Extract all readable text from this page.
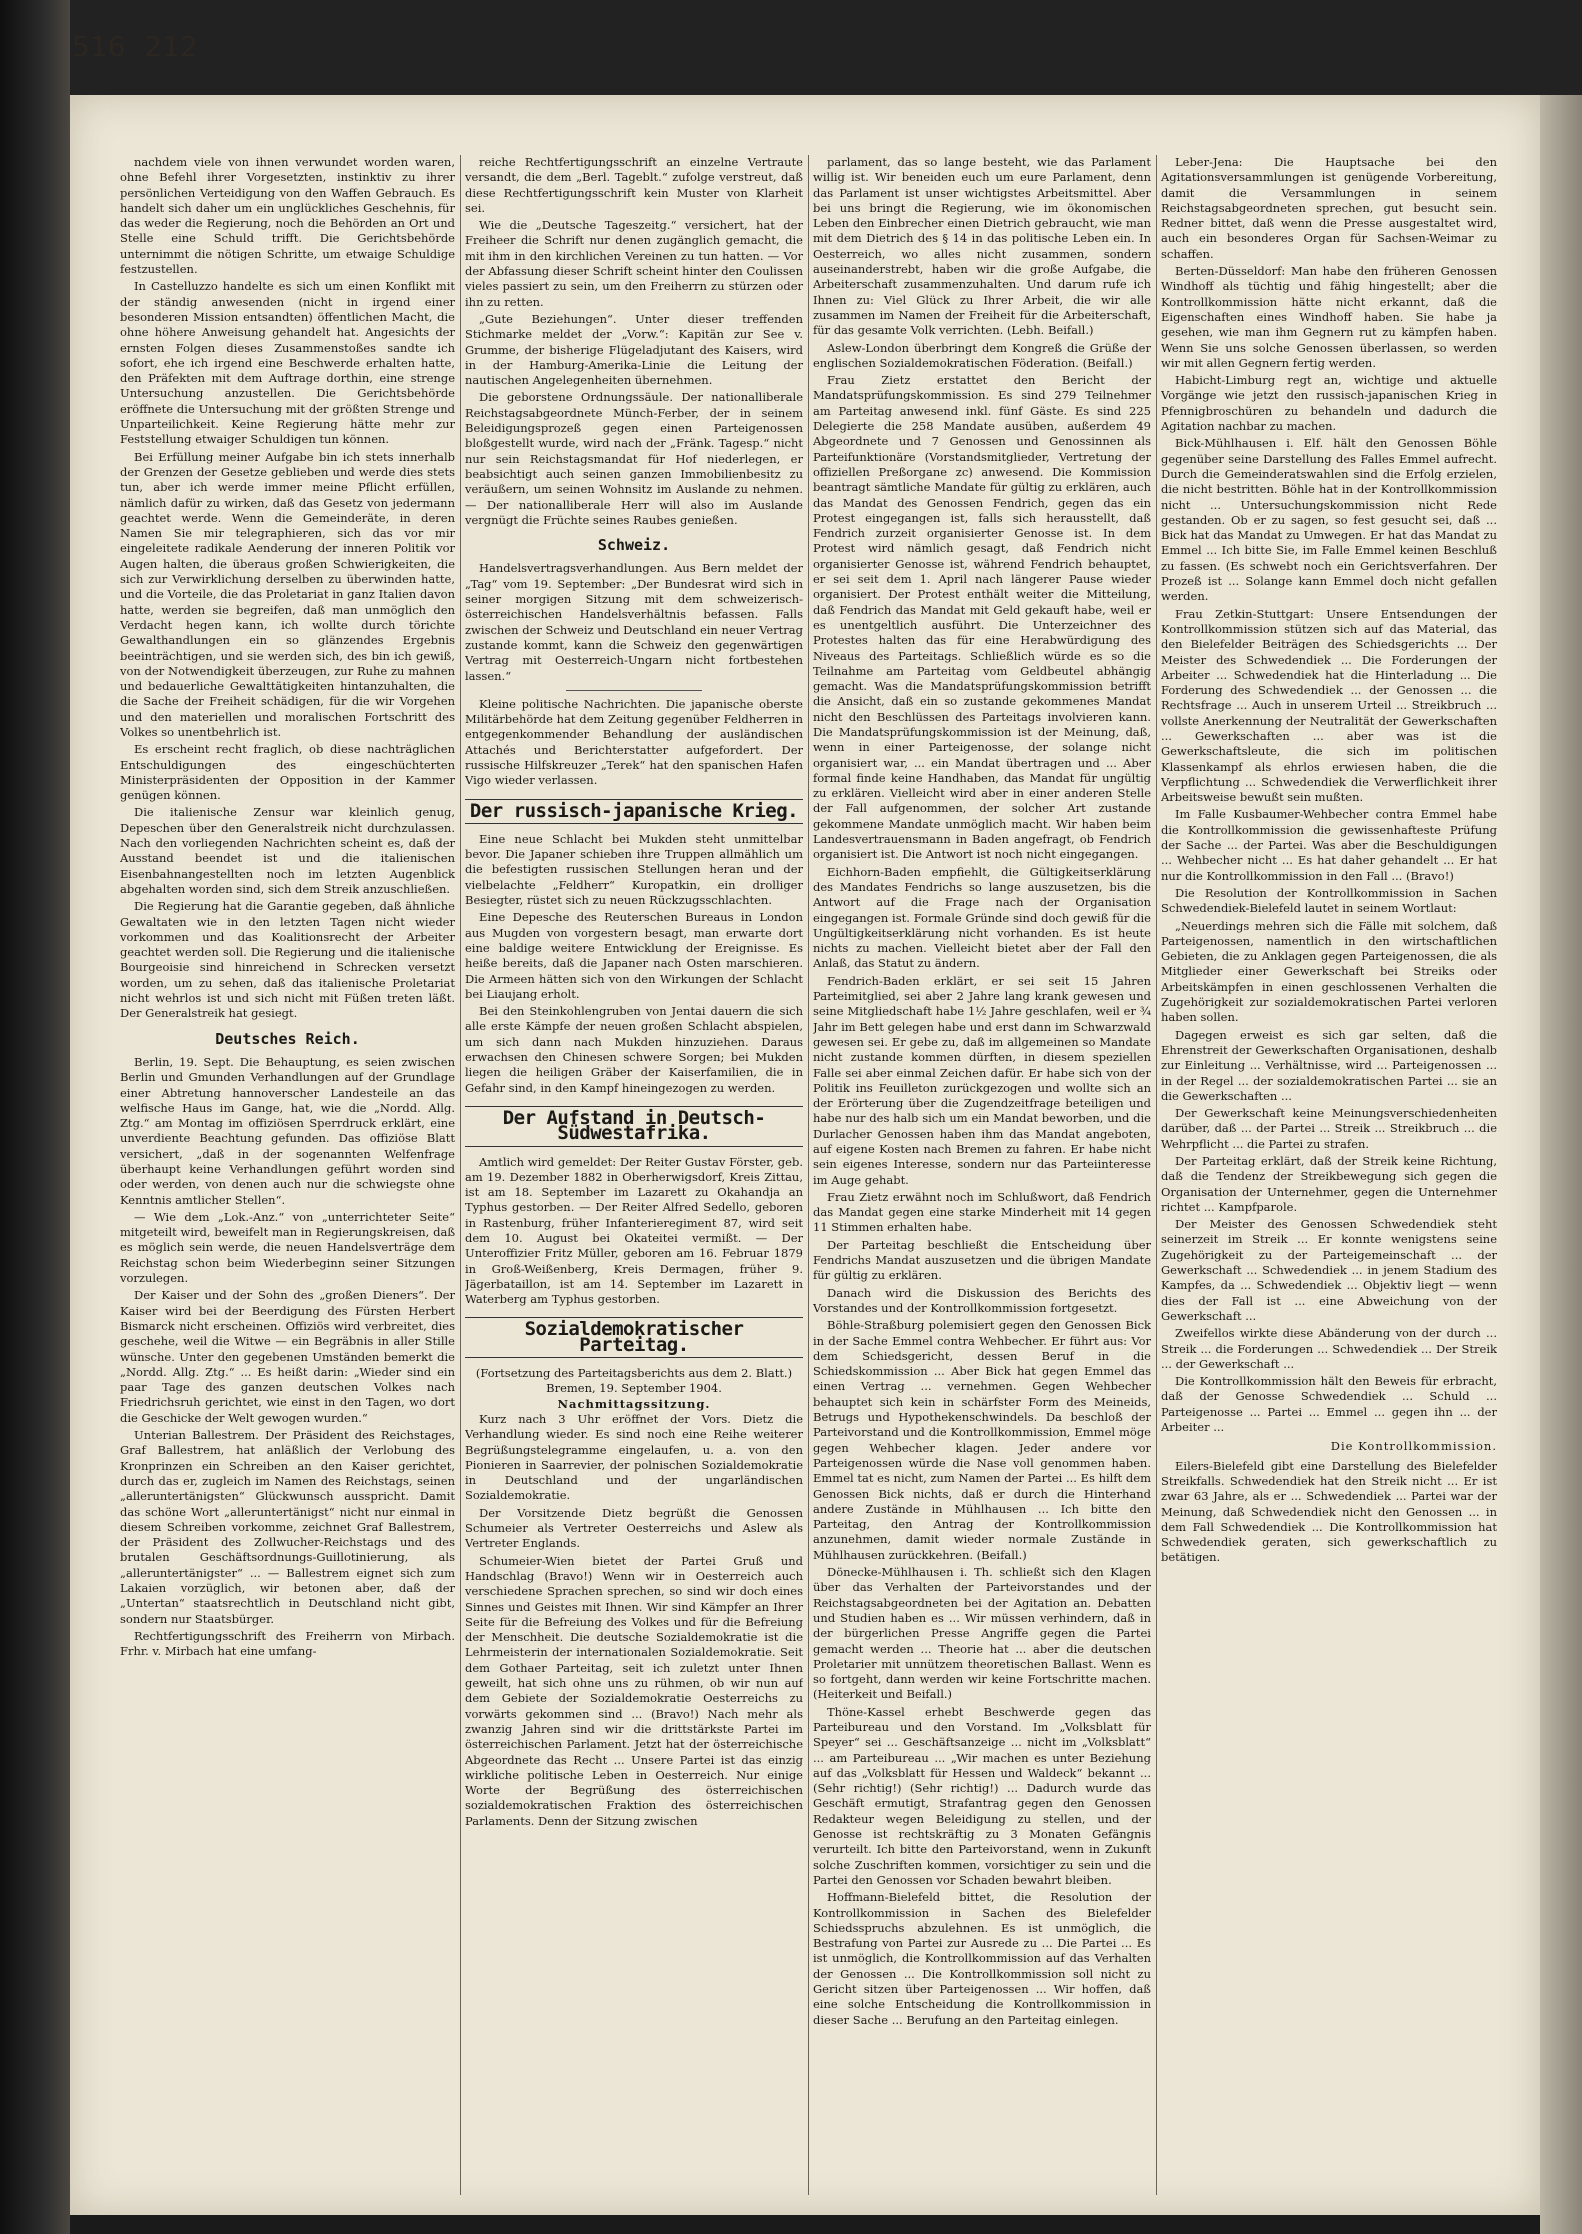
516 212

nachdem viele von ihnen verwundet worden waren, ohne Befehl ihrer Vorgesetzten, instinktiv zu ihrer persönlichen Verteidigung von den Waffen Gebrauch. Es handelt sich daher um ein unglückliches Geschehnis, für das weder die Regierung, noch die Behörden an Ort und Stelle eine Schuld trifft. Die Gerichtsbehörde unternimmt die nötigen Schritte, um etwaige Schuldige festzustellen.

In Castelluzzo handelte es sich um einen Konflikt mit der ständig anwesenden (nicht in irgend einer besonderen Mission entsandten) öffentlichen Macht, die ohne höhere Anweisung gehandelt hat. Angesichts der ernsten Folgen dieses Zusammenstoßes sandte ich sofort, ehe ich irgend eine Beschwerde erhalten hatte, den Präfekten mit dem Auftrage dorthin, eine strenge Untersuchung anzustellen. Die Gerichtsbehörde eröffnete die Untersuchung mit der größten Strenge und Unparteilichkeit. Keine Regierung hätte mehr zur Feststellung etwaiger Schuldigen tun können.

Bei Erfüllung meiner Aufgabe bin ich stets innerhalb der Grenzen der Gesetze geblieben und werde dies stets tun, aber ich werde immer meine Pflicht erfüllen, nämlich dafür zu wirken, daß das Gesetz von jedermann geachtet werde. Wenn die Gemeinderäte, in deren Namen Sie mir telegraphieren, sich das vor mir eingeleitete radikale Aenderung der inneren Politik vor Augen halten, die überaus großen Schwierigkeiten, die sich zur Verwirklichung derselben zu überwinden hatte, und die Vorteile, die das Proletariat in ganz Italien davon hatte, werden sie begreifen, daß man unmöglich den Verdacht hegen kann, ich wollte durch törichte Gewalthandlungen ein so glänzendes Ergebnis beeinträchtigen, und sie werden sich, des bin ich gewiß, von der Notwendigkeit überzeugen, zur Ruhe zu mahnen und bedauerliche Gewalttätigkeiten hintanzuhalten, die die Sache der Freiheit schädigen, für die wir Vorgehen und den materiellen und moralischen Fortschritt des Volkes so unentbehrlich ist.

Es erscheint recht fraglich, ob diese nachträglichen Entschuldigungen des eingeschüchterten Ministerpräsidenten der Opposition in der Kammer genügen können.

Die italienische Zensur war kleinlich genug, Depeschen über den Generalstreik nicht durchzulassen. Nach den vorliegenden Nachrichten scheint es, daß der Ausstand beendet ist und die italienischen Eisenbahnangestellten noch im letzten Augenblick abgehalten worden sind, sich dem Streik anzuschließen.

Die Regierung hat die Garantie gegeben, daß ähnliche Gewaltaten wie in den letzten Tagen nicht wieder vorkommen und das Koalitionsrecht der Arbeiter geachtet werden soll. Die Regierung und die italienische Bourgeoisie sind hinreichend in Schrecken versetzt worden, um zu sehen, daß das italienische Proletariat nicht wehrlos ist und sich nicht mit Füßen treten läßt. Der Generalstreik hat gesiegt.

Deutsches Reich.

Berlin, 19. Sept. Die Behauptung, es seien zwischen Berlin und Gmunden Verhandlungen auf der Grundlage einer Abtretung hannoverscher Landesteile an das welfische Haus im Gange, hat, wie die „Nordd. Allg. Ztg.“ am Montag im offiziösen Sperrdruck erklärt, eine unverdiente Beachtung gefunden. Das offiziöse Blatt versichert, „daß in der sogenannten Welfenfrage überhaupt keine Verhandlungen geführt worden sind oder werden, von denen auch nur die schwiegste ohne Kenntnis amtlicher Stellen“.

— Wie dem „Lok.-Anz.“ von „unterrichteter Seite“ mitgeteilt wird, beweifelt man in Regierungskreisen, daß es möglich sein werde, die neuen Handelsverträge dem Reichstag schon beim Wiederbeginn seiner Sitzungen vorzulegen.

Der Kaiser und der Sohn des „großen Dieners“. Der Kaiser wird bei der Beerdigung des Fürsten Herbert Bismarck nicht erscheinen. Offiziös wird verbreitet, dies geschehe, weil die Witwe — ein Begräbnis in aller Stille wünsche. Unter den gegebenen Umständen bemerkt die „Nordd. Allg. Ztg.“ ... Es heißt darin: „Wieder sind ein paar Tage des ganzen deutschen Volkes nach Friedrichsruh gerichtet, wie einst in den Tagen, wo dort die Geschicke der Welt gewogen wurden.“

Unterian Ballestrem. Der Präsident des Reichstages, Graf Ballestrem, hat anläßlich der Verlobung des Kronprinzen ein Schreiben an den Kaiser gerichtet, durch das er, zugleich im Namen des Reichstags, seinen „alleruntertänigsten“ Glückwunsch ausspricht. Damit das schöne Wort „alleruntertänigst“ nicht nur einmal in diesem Schreiben vorkomme, zeichnet Graf Ballestrem, der Präsident des Zollwucher-Reichstags und des brutalen Geschäftsordnungs-Guillotinierung, als „alleruntertänigster“ ... — Ballestrem eignet sich zum Lakaien vorzüglich, wir betonen aber, daß der „Untertan“ staatsrechtlich in Deutschland nicht gibt, sondern nur Staatsbürger.

Rechtfertigungsschrift des Freiherrn von Mirbach. Frhr. v. Mirbach hat eine umfang-

reiche Rechtfertigungsschrift an einzelne Vertraute versandt, die dem „Berl. Tageblt.“ zufolge verstreut, daß diese Rechtfertigungsschrift kein Muster von Klarheit sei.

Wie die „Deutsche Tageszeitg.“ versichert, hat der Freiheer die Schrift nur denen zugänglich gemacht, die mit ihm in den kirchlichen Vereinen zu tun hatten. — Vor der Abfassung dieser Schrift scheint hinter den Coulissen vieles passiert zu sein, um den Freiherrn zu stürzen oder ihn zu retten.

„Gute Beziehungen“. Unter dieser treffenden Stichmarke meldet der „Vorw.“: Kapitän zur See v. Grumme, der bisherige Flügeladjutant des Kaisers, wird in der Hamburg-Amerika-Linie die Leitung der nautischen Angelegenheiten übernehmen.

Die geborstene Ordnungssäule. Der nationalliberale Reichstagsabgeordnete Münch-Ferber, der in seinem Beleidigungsprozeß gegen einen Parteigenossen bloßgestellt wurde, wird nach der „Fränk. Tagesp.“ nicht nur sein Reichstagsmandat für Hof niederlegen, er beabsichtigt auch seinen ganzen Immobilienbesitz zu veräußern, um seinen Wohnsitz im Auslande zu nehmen. — Der nationalliberale Herr will also im Auslande vergnügt die Früchte seines Raubes genießen.

Schweiz.

Handelsvertragsverhandlungen. Aus Bern meldet der „Tag“ vom 19. September: „Der Bundesrat wird sich in seiner morgigen Sitzung mit dem schweizerisch-österreichischen Handelsverhältnis befassen. Falls zwischen der Schweiz und Deutschland ein neuer Vertrag zustande kommt, kann die Schweiz den gegenwärtigen Vertrag mit Oesterreich-Ungarn nicht fortbestehen lassen.“

Kleine politische Nachrichten. Die japanische oberste Militärbehörde hat dem Zeitung gegenüber Feldherren in entgegenkommender Behandlung der ausländischen Attachés und Berichterstatter aufgefordert. Der russische Hilfskreuzer „Terek“ hat den spanischen Hafen Vigo wieder verlassen.

Der russisch-japanische Krieg.

Eine neue Schlacht bei Mukden steht unmittelbar bevor. Die Japaner schieben ihre Truppen allmählich um die befestigten russischen Stellungen heran und der vielbelachte „Feldherr“ Kuropatkin, ein drolliger Besiegter, rüstet sich zu neuen Rückzugsschlachten.

Eine Depesche des Reuterschen Bureaus in London aus Mugden von vorgestern besagt, man erwarte dort eine baldige weitere Entwicklung der Ereignisse. Es heiße bereits, daß die Japaner nach Osten marschieren. Die Armeen hätten sich von den Wirkungen der Schlacht bei Liaujang erholt.

Bei den Steinkohlengruben von Jentai dauern die sich alle erste Kämpfe der neuen großen Schlacht abspielen, um sich dann nach Mukden hinzuziehen. Daraus erwachsen den Chinesen schwere Sorgen; bei Mukden liegen die heiligen Gräber der Kaiserfamilien, die in Gefahr sind, in den Kampf hineingezogen zu werden.

Der Aufstand in Deutsch-Südwestafrika.

Amtlich wird gemeldet: Der Reiter Gustav Förster, geb. am 19. Dezember 1882 in Oberherwigsdorf, Kreis Zittau, ist am 18. September im Lazarett zu Okahandja an Typhus gestorben. — Der Reiter Alfred Sedello, geboren in Rastenburg, früher Infanterieregiment 87, wird seit dem 10. August bei Okateitei vermißt. — Der Unteroffizier Fritz Müller, geboren am 16. Februar 1879 in Groß-Weißenberg, Kreis Dermagen, früher 9. Jägerbataillon, ist am 14. September im Lazarett in Waterberg am Typhus gestorben.

Sozialdemokratischer Parteitag.
(Fortsetzung des Parteitagsberichts aus dem 2. Blatt.)
Bremen, 19. September 1904.
Nachmittagssitzung.

Kurz nach 3 Uhr eröffnet der Vors. Dietz die Verhandlung wieder. Es sind noch eine Reihe weiterer Begrüßungstelegramme eingelaufen, u. a. von den Pionieren in Saarrevier, der polnischen Sozialdemokratie in Deutschland und der ungarländischen Sozialdemokratie.

Der Vorsitzende Dietz begrüßt die Genossen Schumeier als Vertreter Oesterreichs und Aslew als Vertreter Englands.

Schumeier-Wien bietet der Partei Gruß und Handschlag (Bravo!) Wenn wir in Oesterreich auch verschiedene Sprachen sprechen, so sind wir doch eines Sinnes und Geistes mit Ihnen. Wir sind Kämpfer an Ihrer Seite für die Befreiung des Volkes und für die Befreiung der Menschheit. Die deutsche Sozialdemokratie ist die Lehrmeisterin der internationalen Sozialdemokratie. Seit dem Gothaer Parteitag, seit ich zuletzt unter Ihnen geweilt, hat sich ohne uns zu rühmen, ob wir nun auf dem Gebiete der Sozialdemokratie Oesterreichs zu vorwärts gekommen sind ... (Bravo!) Nach mehr als zwanzig Jahren sind wir die drittstärkste Partei im österreichischen Parlament. Jetzt hat der österreichische Abgeordnete das Recht ... Unsere Partei ist das einzig wirkliche politische Leben in Oesterreich. Nur einige Worte der Begrüßung des österreichischen sozialdemokratischen Fraktion des österreichischen Parlaments. Denn der Sitzung zwischen

parlament, das so lange besteht, wie das Parlament willig ist. Wir beneiden euch um eure Parlament, denn das Parlament ist unser wichtigstes Arbeitsmittel. Aber bei uns bringt die Regierung, wie im ökonomischen Leben den Einbrecher einen Dietrich gebraucht, wie man mit dem Dietrich des § 14 in das politische Leben ein. In Oesterreich, wo alles nicht zusammen, sondern auseinanderstrebt, haben wir die große Aufgabe, die Arbeiterschaft zusammenzuhalten. Und darum rufe ich Ihnen zu: Viel Glück zu Ihrer Arbeit, die wir alle zusammen im Namen der Freiheit für die Arbeiterschaft, für das gesamte Volk verrichten. (Lebh. Beifall.)

Aslew-London überbringt dem Kongreß die Grüße der englischen Sozialdemokratischen Föderation. (Beifall.)

Frau Zietz erstattet den Bericht der Mandatsprüfungskommission. Es sind 279 Teilnehmer am Parteitag anwesend inkl. fünf Gäste. Es sind 225 Delegierte die 258 Mandate ausüben, außerdem 49 Abgeordnete und 7 Genossen und Genossinnen als Parteifunktionäre (Vorstandsmitglieder, Vertretung der offiziellen Preßorgane zc) anwesend. Die Kommission beantragt sämtliche Mandate für gültig zu erklären, auch das Mandat des Genossen Fendrich, gegen das ein Protest eingegangen ist, falls sich herausstellt, daß Fendrich zurzeit organisierter Genosse ist. In dem Protest wird nämlich gesagt, daß Fendrich nicht organisierter Genosse ist, während Fendrich behauptet, er sei seit dem 1. April nach längerer Pause wieder organisiert. Der Protest enthält weiter die Mitteilung, daß Fendrich das Mandat mit Geld gekauft habe, weil er es unentgeltlich ausführt. Die Unterzeichner des Protestes halten das für eine Herabwürdigung des Niveaus des Parteitags. Schließlich würde es so die Teilnahme am Parteitag vom Geldbeutel abhängig gemacht. Was die Mandatsprüfungskommission betrifft die Ansicht, daß ein so zustande gekommenes Mandat nicht den Beschlüssen des Parteitags involvieren kann. Die Mandatsprüfungskommission ist der Meinung, daß, wenn in einer Parteigenosse, der solange nicht organisiert war, ... ein Mandat übertragen und ... Aber formal finde keine Handhaben, das Mandat für ungültig zu erklären. Vielleicht wird aber in einer anderen Stelle der Fall aufgenommen, der solcher Art zustande gekommene Mandate unmöglich macht. Wir haben beim Landesvertrauensmann in Baden angefragt, ob Fendrich organisiert ist. Die Antwort ist noch nicht eingegangen.

Eichhorn-Baden empfiehlt, die Gültigkeitserklärung des Mandates Fendrichs so lange auszusetzen, bis die Antwort auf die Frage nach der Organisation eingegangen ist. Formale Gründe sind doch gewiß für die Ungültigkeitserklärung nicht vorhanden. Es ist heute nichts zu machen. Vielleicht bietet aber der Fall den Anlaß, das Statut zu ändern.

Fendrich-Baden erklärt, er sei seit 15 Jahren Parteimitglied, sei aber 2 Jahre lang krank gewesen und seine Mitgliedschaft habe 1½ Jahre geschlafen, weil er ¾ Jahr im Bett gelegen habe und erst dann im Schwarzwald gewesen sei. Er gebe zu, daß im allgemeinen so Mandate nicht zustande kommen dürften, in diesem speziellen Falle sei aber einmal Zeichen dafür. Er habe sich von der Politik ins Feuilleton zurückgezogen und wollte sich an der Erörterung über die Zugendzeitfrage beteiligen und habe nur des halb sich um ein Mandat beworben, und die Durlacher Genossen haben ihm das Mandat angeboten, auf eigene Kosten nach Bremen zu fahren. Er habe nicht sein eigenes Interesse, sondern nur das Parteiinteresse im Auge gehabt.

Frau Zietz erwähnt noch im Schlußwort, daß Fendrich das Mandat gegen eine starke Minderheit mit 14 gegen 11 Stimmen erhalten habe.

Der Parteitag beschließt die Entscheidung über Fendrichs Mandat auszusetzen und die übrigen Mandate für gültig zu erklären.

Danach wird die Diskussion des Berichts des Vorstandes und der Kontrollkommission fortgesetzt.

Böhle-Straßburg polemisiert gegen den Genossen Bick in der Sache Emmel contra Wehbecher. Er führt aus: Vor dem Schiedsgericht, dessen Beruf in die Schiedskommission ... Aber Bick hat gegen Emmel das einen Vertrag ... vernehmen. Gegen Wehbecher behauptet sich kein in schärfster Form des Meineids, Betrugs und Hypothekenschwindels. Da beschloß der Parteivorstand und die Kontrollkommission, Emmel möge gegen Wehbecher klagen. Jeder andere vor Parteigenossen würde die Nase voll genommen haben. Emmel tat es nicht, zum Namen der Partei ... Es hilft dem Genossen Bick nichts, daß er durch die Hinterhand andere Zustände in Mühlhausen ... Ich bitte den Parteitag, den Antrag der Kontrollkommission anzunehmen, damit wieder normale Zustände in Mühlhausen zurückkehren. (Beifall.)

Dönecke-Mühlhausen i. Th. schließt sich den Klagen über das Verhalten der Parteivorstandes und der Reichstagsabgeordneten bei der Agitation an. Debatten und Studien haben es ... Wir müssen verhindern, daß in der bürgerlichen Presse Angriffe gegen die Partei gemacht werden ... Theorie hat ... aber die deutschen Proletarier mit unnützem theoretischen Ballast. Wenn es so fortgeht, dann werden wir keine Fortschritte machen. (Heiterkeit und Beifall.)

Thöne-Kassel erhebt Beschwerde gegen das Parteibureau und den Vorstand. Im „Volksblatt für Speyer“ sei ... Geschäftsanzeige ... nicht im „Volksblatt“ ... am Parteibureau ... „Wir machen es unter Beziehung auf das „Volksblatt für Hessen und Waldeck“ bekannt ... (Sehr richtig!) (Sehr richtig!) ... Dadurch wurde das Geschäft ermutigt, Strafantrag gegen den Genossen Redakteur wegen Beleidigung zu stellen, und der Genosse ist rechtskräftig zu 3 Monaten Gefängnis verurteilt. Ich bitte den Parteivorstand, wenn in Zukunft solche Zuschriften kommen, vorsichtiger zu sein und die Partei den Genossen vor Schaden bewahrt bleiben.

Hoffmann-Bielefeld bittet, die Resolution der Kontrollkommission in Sachen des Bielefelder Schiedsspruchs abzulehnen. Es ist unmöglich, die Bestrafung von Partei zur Ausrede zu ... Die Partei ... Es ist unmöglich, die Kontrollkommission auf das Verhalten der Genossen ... Die Kontrollkommission soll nicht zu Gericht sitzen über Parteigenossen ... Wir hoffen, daß eine solche Entscheidung die Kontrollkommission in dieser Sache ... Berufung an den Parteitag einlegen.

Leber-Jena: Die Hauptsache bei den Agitationsversammlungen ist genügende Vorbereitung, damit die Versammlungen in seinem Reichstagsabgeordneten sprechen, gut besucht sein. Redner bittet, daß wenn die Presse ausgestaltet wird, auch ein besonderes Organ für Sachsen-Weimar zu schaffen.

Berten-Düsseldorf: Man habe den früheren Genossen Windhoff als tüchtig und fähig hingestellt; aber die Kontrollkommission hätte nicht erkannt, daß die Eigenschaften eines Windhoff haben. Sie habe ja gesehen, wie man ihm Gegnern rut zu kämpfen haben. Wenn Sie uns solche Genossen überlassen, so werden wir mit allen Gegnern fertig werden.

Habicht-Limburg regt an, wichtige und aktuelle Vorgänge wie jetzt den russisch-japanischen Krieg in Pfennigbroschüren zu behandeln und dadurch die Agitation nachbar zu machen.

Bick-Mühlhausen i. Elf. hält den Genossen Böhle gegenüber seine Darstellung des Falles Emmel aufrecht. Durch die Gemeinderatswahlen sind die Erfolg erzielen, die nicht bestritten. Böhle hat in der Kontrollkommission nicht ... Untersuchungskommission nicht Rede gestanden. Ob er zu sagen, so fest gesucht sei, daß ... Bick hat das Mandat zu Umwegen. Er hat das Mandat zu Emmel ... Ich bitte Sie, im Falle Emmel keinen Beschluß zu fassen. (Es schwebt noch ein Gerichtsverfahren. Der Prozeß ist ... Solange kann Emmel doch nicht gefallen werden.

Frau Zetkin-Stuttgart: Unsere Entsendungen der Kontrollkommission stützen sich auf das Material, das den Bielefelder Beiträgen des Schiedsgerichts ... Der Meister des Schwedendiek ... Die Forderungen der Arbeiter ... Schwedendiek hat die Hinterladung ... Die Forderung des Schwedendiek ... der Genossen ... die Rechtsfrage ... Auch in unserem Urteil ... Streikbruch ... vollste Anerkennung der Neutralität der Gewerkschaften ... Gewerkschaften ... aber was ist die Gewerkschaftsleute, die sich im politischen Klassenkampf als ehrlos erwiesen haben, die die Verpflichtung ... Schwedendiek die Verwerflichkeit ihrer Arbeitsweise bewußt sein mußten.

Im Falle Kusbaumer-Wehbecher contra Emmel habe die Kontrollkommission die gewissenhafteste Prüfung der Sache ... der Partei. Was aber die Beschuldigungen ... Wehbecher nicht ... Es hat daher gehandelt ... Er hat nur die Kontrollkommission in den Fall ... (Bravo!)

Die Resolution der Kontrollkommission in Sachen Schwedendiek-Bielefeld lautet in seinem Wortlaut:

„Neuerdings mehren sich die Fälle mit solchem, daß Parteigenossen, namentlich in den wirtschaftlichen Gebieten, die zu Anklagen gegen Parteigenossen, die als Mitglieder einer Gewerkschaft bei Streiks oder Arbeitskämpfen in einen geschlossenen Verhalten die Zugehörigkeit zur sozialdemokratischen Partei verloren haben sollen.

Dagegen erweist es sich gar selten, daß die Ehrenstreit der Gewerkschaften Organisationen, deshalb zur Einleitung ... Verhältnisse, wird ... Parteigenossen ... in der Regel ... der sozialdemokratischen Partei ... sie an die Gewerkschaften ...

Der Gewerkschaft keine Meinungsverschiedenheiten darüber, daß ... der Partei ... Streik ... Streikbruch ... die Wehrpflicht ... die Partei zu strafen.

Der Parteitag erklärt, daß der Streik keine Richtung, daß die Tendenz der Streikbewegung sich gegen die Organisation der Unternehmer, gegen die Unternehmer richtet ... Kampfparole.

Der Meister des Genossen Schwedendiek steht seinerzeit im Streik ... Er konnte wenigstens seine Zugehörigkeit zu der Parteigemeinschaft ... der Gewerkschaft ... Schwedendiek ... in jenem Stadium des Kampfes, da ... Schwedendiek ... Objektiv liegt — wenn dies der Fall ist ... eine Abweichung von der Gewerkschaft ...

Zweifellos wirkte diese Abänderung von der durch ... Streik ... die Forderungen ... Schwedendiek ... Der Streik ... der Gewerkschaft ...

Die Kontrollkommission hält den Beweis für erbracht, daß der Genosse Schwedendiek ... Schuld ... Parteigenosse ... Partei ... Emmel ... gegen ihn ... der Arbeiter ...

Die Kontrollkommission.

Eilers-Bielefeld gibt eine Darstellung des Bielefelder Streikfalls. Schwedendiek hat den Streik nicht ... Er ist zwar 63 Jahre, als er ... Schwedendiek ... Partei war der Meinung, daß Schwedendiek nicht den Genossen ... in dem Fall Schwedendiek ... Die Kontrollkommission hat Schwedendiek geraten, sich gewerkschaftlich zu betätigen.
